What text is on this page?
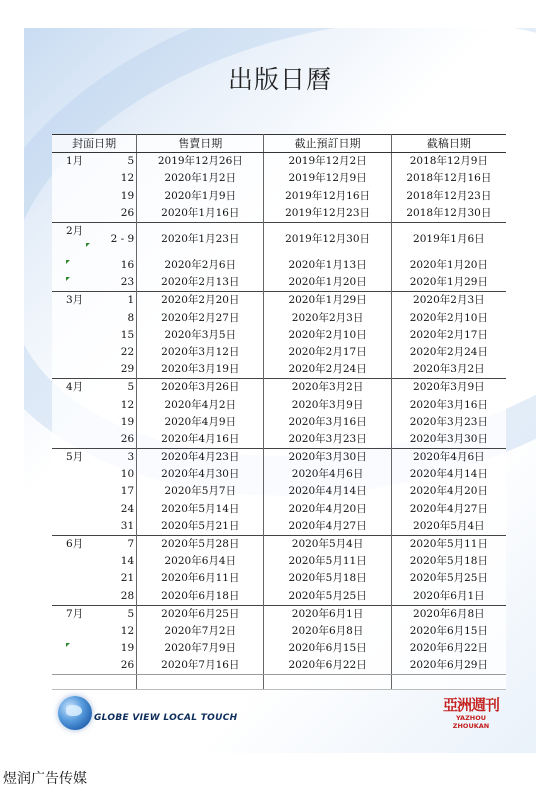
出版日曆
封面日期		售賣日期	截止預訂日期	截稿日期
1月	5	2019年12月26日	2019年12月2日	2018年12月9日
	12	2020年1月2日	2019年12月9日	2018年12月16日
	19	2020年1月9日	2019年12月16日	2018年12月23日
	26	2020年1月16日	2019年12月23日	2018年12月30日
2月	2 - 9	2020年1月23日	2019年12月30日	2019年1月6日
	16	2020年2月6日	2020年1月13日	2020年1月20日
	23	2020年2月13日	2020年1月20日	2020年1月29日
3月	1	2020年2月20日	2020年1月29日	2020年2月3日
	8	2020年2月27日	2020年2月3日	2020年2月10日
	15	2020年3月5日	2020年2月10日	2020年2月17日
	22	2020年3月12日	2020年2月17日	2020年2月24日
	29	2020年3月19日	2020年2月24日	2020年3月2日
4月	5	2020年3月26日	2020年3月2日	2020年3月9日
	12	2020年4月2日	2020年3月9日	2020年3月16日
	19	2020年4月9日	2020年3月16日	2020年3月23日
	26	2020年4月16日	2020年3月23日	2020年3月30日
5月	3	2020年4月23日	2020年3月30日	2020年4月6日
	10	2020年4月30日	2020年4月6日	2020年4月14日
	17	2020年5月7日	2020年4月14日	2020年4月20日
	24	2020年5月14日	2020年4月20日	2020年4月27日
	31	2020年5月21日	2020年4月27日	2020年5月4日
6月	7	2020年5月28日	2020年5月4日	2020年5月11日
	14	2020年6月4日	2020年5月11日	2020年5月18日
	21	2020年6月11日	2020年5月18日	2020年5月25日
	28	2020年6月18日	2020年5月25日	2020年6月1日
7月	5	2020年6月25日	2020年6月1日	2020年6月8日
	12	2020年7月2日	2020年6月8日	2020年6月15日
	19	2020年7月9日	2020年6月15日	2020年6月22日
	26	2020年7月16日	2020年6月22日	2020年6月29日

GLOBE VIEW LOCAL TOUCH
亞洲週刊
YAZHOU ZHOUKAN
煜润广告传媒
